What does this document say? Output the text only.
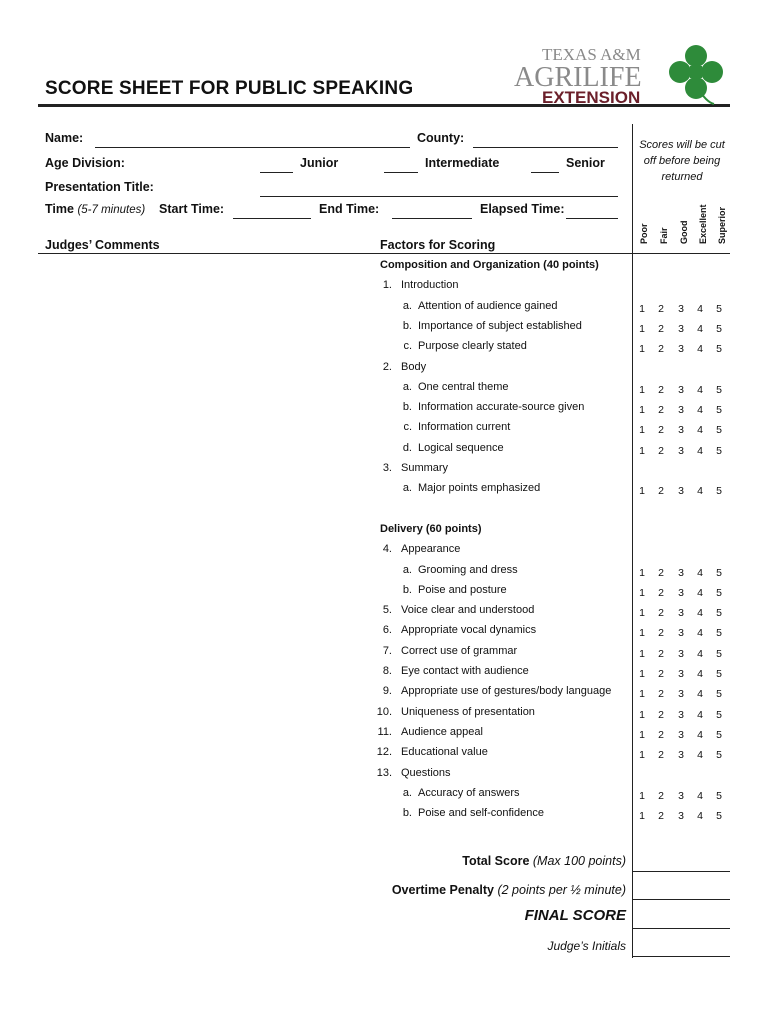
SCORE SHEET FOR PUBLIC SPEAKING
TEXAS A&M
AGRILIFE
EXTENSION
Name:	County:
Age Division:	Junior	Intermediate	Senior
Presentation Title:
Time (5-7 minutes) Start Time:	End Time:	Elapsed Time:
Scores will be cut off before being returned
Poor Fair Good Excellent Superior
Judges’ Comments	Factors for Scoring
Composition and Organization (40 points)
1. Introduction
a. Attention of audience gained	1 2 3 4 5
b. Importance of subject established	1 2 3 4 5
c. Purpose clearly stated	1 2 3 4 5
2. Body
a. One central theme	1 2 3 4 5
b. Information accurate-source given	1 2 3 4 5
c. Information current	1 2 3 4 5
d. Logical sequence	1 2 3 4 5
3. Summary
a. Major points emphasized	1 2 3 4 5
Delivery (60 points)
4. Appearance
a. Grooming and dress	1 2 3 4 5
b. Poise and posture	1 2 3 4 5
5. Voice clear and understood	1 2 3 4 5
6. Appropriate vocal dynamics	1 2 3 4 5
7. Correct use of grammar	1 2 3 4 5
8. Eye contact with audience	1 2 3 4 5
9. Appropriate use of gestures/body language	1 2 3 4 5
10. Uniqueness of presentation	1 2 3 4 5
11. Audience appeal	1 2 3 4 5
12. Educational value	1 2 3 4 5
13. Questions
a. Accuracy of answers	1 2 3 4 5
b. Poise and self-confidence	1 2 3 4 5
Total Score (Max 100 points)
Overtime Penalty (2 points per ½ minute)
FINAL SCORE
Judge’s Initials
